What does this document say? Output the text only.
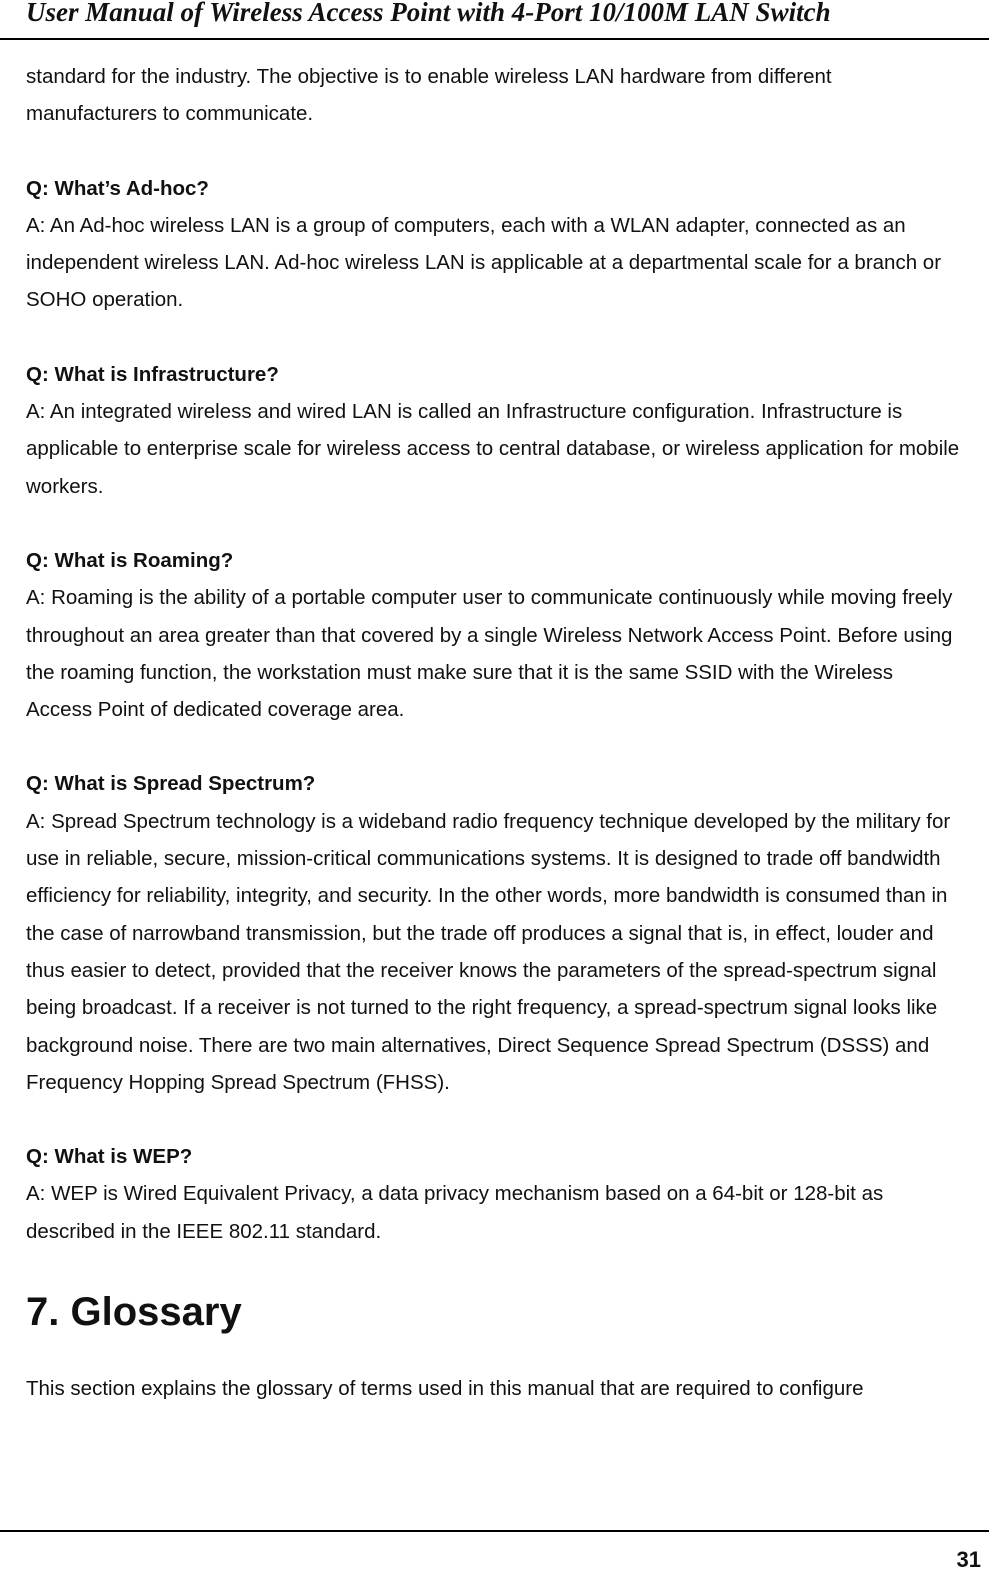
User Manual of Wireless Access Point with 4-Port 10/100M LAN Switch

standard for the industry. The objective is to enable wireless LAN hardware from different manufacturers to communicate.

Q: What’s Ad-hoc?

A: An Ad-hoc wireless LAN is a group of computers, each with a WLAN adapter, connected as an independent wireless LAN. Ad-hoc wireless LAN is applicable at a departmental scale for a branch or SOHO operation.

Q: What is Infrastructure?

A: An integrated wireless and wired LAN is called an Infrastructure configuration. Infrastructure is applicable to enterprise scale for wireless access to central database, or wireless application for mobile workers.

Q: What is Roaming?

A: Roaming is the ability of a portable computer user to communicate continuously while moving freely throughout an area greater than that covered by a single Wireless Network Access Point. Before using the roaming function, the workstation must make sure that it is the same SSID with the Wireless Access Point of dedicated coverage area.

Q: What is Spread Spectrum?

A: Spread Spectrum technology is a wideband radio frequency technique developed by the military for use in reliable, secure, mission-critical communications systems. It is designed to trade off bandwidth efficiency for reliability, integrity, and security. In the other words, more bandwidth is consumed than in the case of narrowband transmission, but the trade off produces a signal that is, in effect, louder and thus easier to detect, provided that the receiver knows the parameters of the spread-spectrum signal being broadcast. If a receiver is not turned to the right frequency, a spread-spectrum signal looks like background noise. There are two main alternatives, Direct Sequence Spread Spectrum (DSSS) and Frequency Hopping Spread Spectrum (FHSS).

Q: What is WEP?

A: WEP is Wired Equivalent Privacy, a data privacy mechanism based on a 64-bit or 128-bit as described in the IEEE 802.11 standard.

7. Glossary

This section explains the glossary of terms used in this manual that are required to configure

31
